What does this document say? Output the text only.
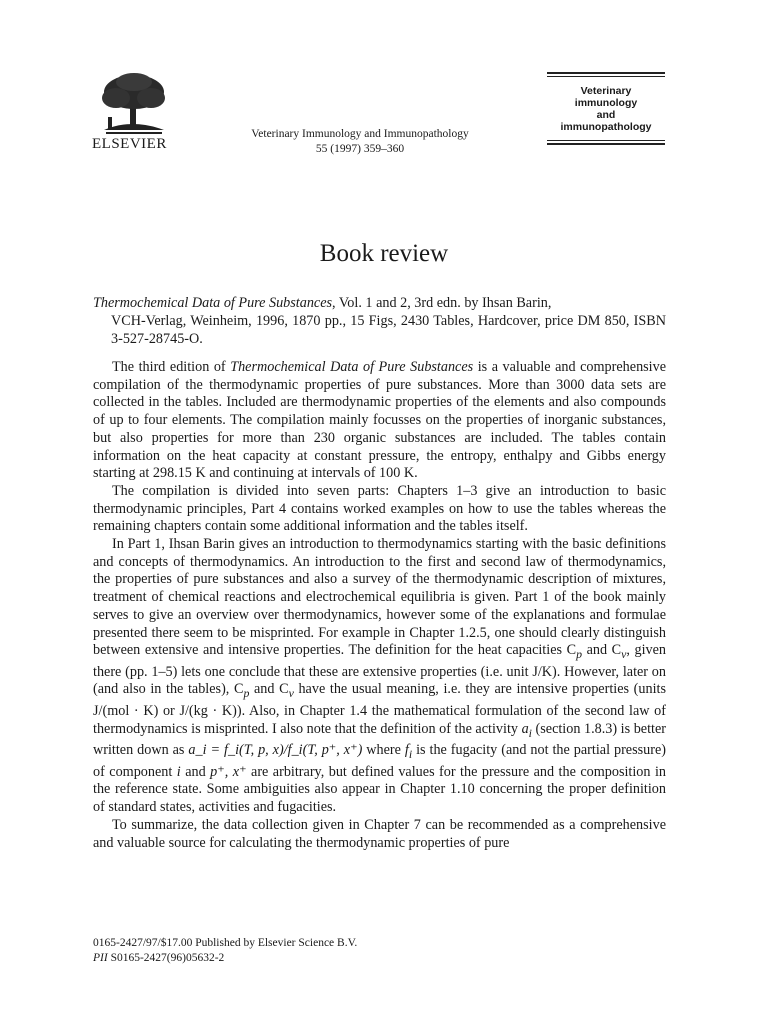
ELSEVIER
Veterinary Immunology and Immunopathology
55 (1997) 359–360
Veterinary
immunology
and
immunopathology
Book review
Thermochemical Data of Pure Substances, Vol. 1 and 2, 3rd edn. by Ihsan Barin,
VCH-Verlag, Weinheim, 1996, 1870 pp., 15 Figs, 2430 Tables, Hardcover, price DM 850, ISBN 3-527-28745-O.

The third edition of Thermochemical Data of Pure Substances is a valuable and comprehensive compilation of the thermodynamic properties of pure substances. More than 3000 data sets are collected in the tables. Included are thermodynamic properties of the elements and also compounds of up to four elements. The compilation mainly focusses on the properties of inorganic substances, but also properties for more than 230 organic substances are included. The tables contain information on the heat capacity at constant pressure, the entropy, enthalpy and Gibbs energy starting at 298.15 K and continuing at intervals of 100 K.

The compilation is divided into seven parts: Chapters 1–3 give an introduction to basic thermodynamic principles, Part 4 contains worked examples on how to use the tables whereas the remaining chapters contain some additional information and the tables itself.

In Part 1, Ihsan Barin gives an introduction to thermodynamics starting with the basic definitions and concepts of thermodynamics. An introduction to the first and second law of thermodynamics, the properties of pure substances and also a survey of the thermodynamic description of mixtures, treatment of chemical reactions and electrochemical equilibria is given. Part 1 of the book mainly serves to give an overview over thermodynamics, however some of the explanations and formulae presented there seem to be misprinted. For example in Chapter 1.2.5, one should clearly distinguish between extensive and intensive properties. The definition for the heat capacities $C_p$ and $C_v$, given there (pp. 1–5) lets one conclude that these are extensive properties (i.e. unit J/K). However, later on (and also in the tables), $C_p$ and $C_v$ have the usual meaning, i.e. they are intensive properties (units J/(mol · K) or J/(kg · K)). Also, in Chapter 1.4 the mathematical formulation of the second law of thermodynamics is misprinted. I also note that the definition of the activity $a_i$ (section 1.8.3) is better written down as a_i = f_i(T, p, x)/f_i(T, p⁺, x⁺) where $f_i$ is the fugacity (and not the partial pressure) of component i and p⁺, x⁺ are arbitrary, but defined values for the pressure and the composition in the reference state. Some ambiguities also appear in Chapter 1.10 concerning the proper definition of standard states, activities and fugacities.

To summarize, the data collection given in Chapter 7 can be recommended as a comprehensive and valuable source for calculating the thermodynamic properties of pure

0165-2427/97/$17.00 Published by Elsevier Science B.V.
PII S0165-2427(96)05632-2
